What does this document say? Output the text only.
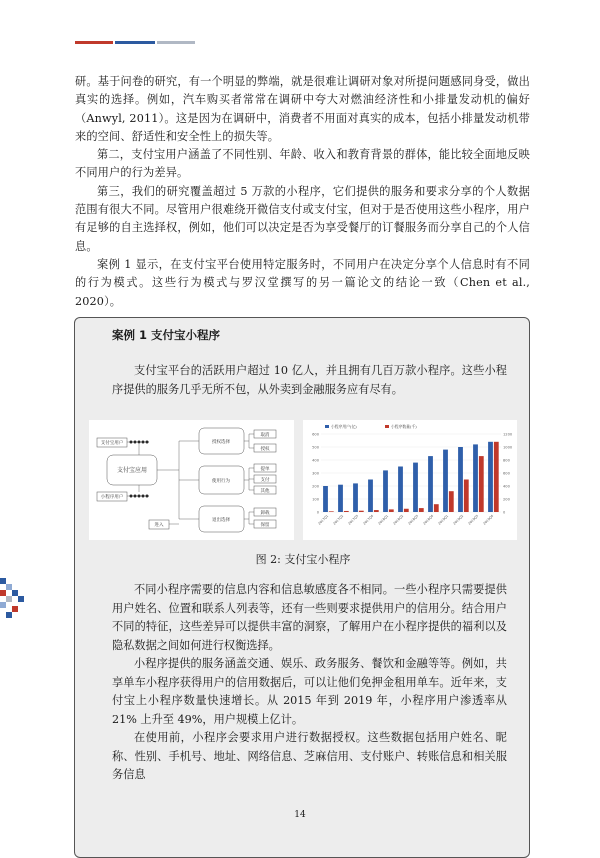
研。基于问卷的研究，有一个明显的弊端，就是很难让调研对象对所提问题感同身受，做出真实的选择。例如，汽车购买者常常在调研中夸大对燃油经济性和小排量发动机的偏好（Anwyl, 2011）。这是因为在调研中，消费者不用面对真实的成本，包括小排量发动机带来的空间、舒适性和安全性上的损失等。

第二，支付宝用户涵盖了不同性别、年龄、收入和教育背景的群体，能比较全面地反映不同用户的行为差异。

第三，我们的研究覆盖超过 5 万款的小程序，它们提供的服务和要求分享的个人数据范围有很大不同。尽管用户很难绕开微信支付或支付宝，但对于是否使用这些小程序，用户有足够的自主选择权，例如，他们可以决定是否为享受餐厅的订餐服务而分享自己的个人信息。

案例 1 显示，在支付宝平台使用特定服务时，不同用户在决定分享个人信息时有不同的行为模式。这些行为模式与罗汉堂撰写的另一篇论文的结论一致（Chen et al., 2020）。

案例 1 支付宝小程序

支付宝平台的活跃用户超过 10 亿人，并且拥有几百万款小程序。这些小程序提供的服务几乎无所不包，从外卖到金融服务应有尽有。

支付宝用户
支付宝应用
小程序用户
进入
授权选择
使用行为
退出选择
取消
授权
提单
支付
其他
卸载
保留
600	1200
500	1000
400	800
300	600
200	400
100	200
0	0
2017Q1 2017Q2 2017Q3 2017Q4 2018Q1 2018Q2 2018Q3 2018Q4 2019Q1 2019Q2 2019Q3 2019Q4
小程序用户(亿)	小程序数量(千)
图 2: 支付宝小程序

不同小程序需要的信息内容和信息敏感度各不相同。一些小程序只需要提供用户姓名、位置和联系人列表等，还有一些则要求提供用户的信用分。结合用户不同的特征，这些差异可以提供丰富的洞察，了解用户在小程序提供的福利以及隐私数据之间如何进行权衡选择。

小程序提供的服务涵盖交通、娱乐、政务服务、餐饮和金融等等。例如，共享单车小程序获得用户的信用数据后，可以让他们免押金租用单车。近年来，支付宝上小程序数量快速增长。从 2015 年到 2019 年，小程序用户渗透率从 21% 上升至 49%，用户规模上亿计。

在使用前，小程序会要求用户进行数据授权。这些数据包括用户姓名、昵称、性别、手机号、地址、网络信息、芝麻信用、支付账户、转账信息和相关服务信息

14
